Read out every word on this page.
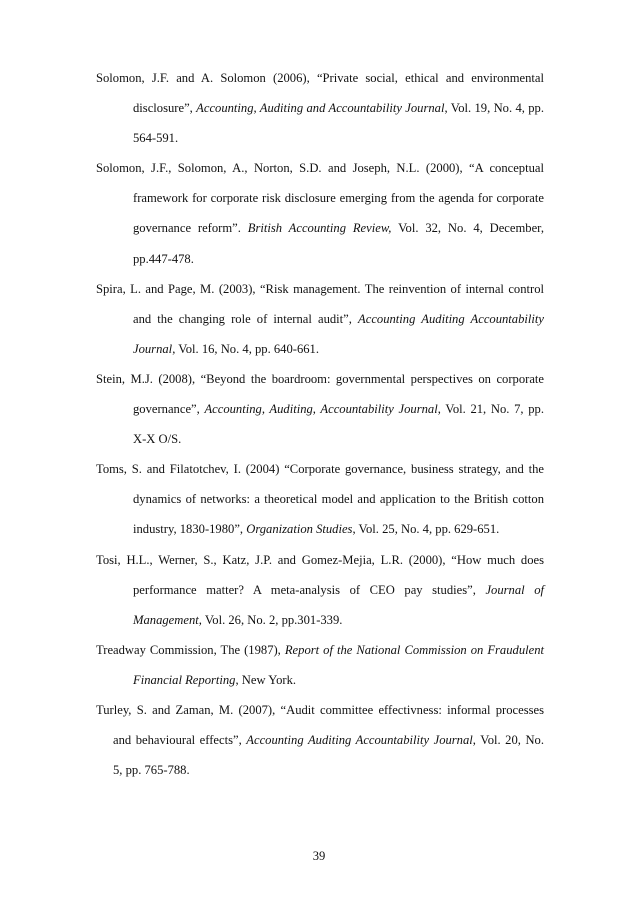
Solomon, J.F. and A. Solomon (2006), “Private social, ethical and environmental disclosure”, Accounting, Auditing and Accountability Journal, Vol. 19, No. 4, pp. 564-591.
Solomon, J.F., Solomon, A., Norton, S.D. and Joseph, N.L. (2000), “A conceptual framework for corporate risk disclosure emerging from the agenda for corporate governance reform”. British Accounting Review, Vol. 32, No. 4, December, pp.447-478.
Spira, L. and Page, M. (2003), “Risk management. The reinvention of internal control and the changing role of internal audit”, Accounting Auditing Accountability Journal, Vol. 16, No. 4, pp. 640-661.
Stein, M.J. (2008), “Beyond the boardroom: governmental perspectives on corporate governance”, Accounting, Auditing, Accountability Journal, Vol. 21, No. 7, pp. X-X O/S.
Toms, S. and Filatotchev, I. (2004) “Corporate governance, business strategy, and the dynamics of networks: a theoretical model and application to the British cotton industry, 1830-1980”, Organization Studies, Vol. 25, No. 4, pp. 629-651.
Tosi, H.L., Werner, S., Katz, J.P. and Gomez-Mejia, L.R. (2000), “How much does performance matter? A meta-analysis of CEO pay studies”, Journal of Management, Vol. 26, No. 2, pp.301-339.
Treadway Commission, The (1987), Report of the National Commission on Fraudulent Financial Reporting, New York.
Turley, S. and Zaman, M. (2007), “Audit committee effectivness: informal processes and behavioural effects”, Accounting Auditing Accountability Journal, Vol. 20, No. 5, pp. 765-788.
39
